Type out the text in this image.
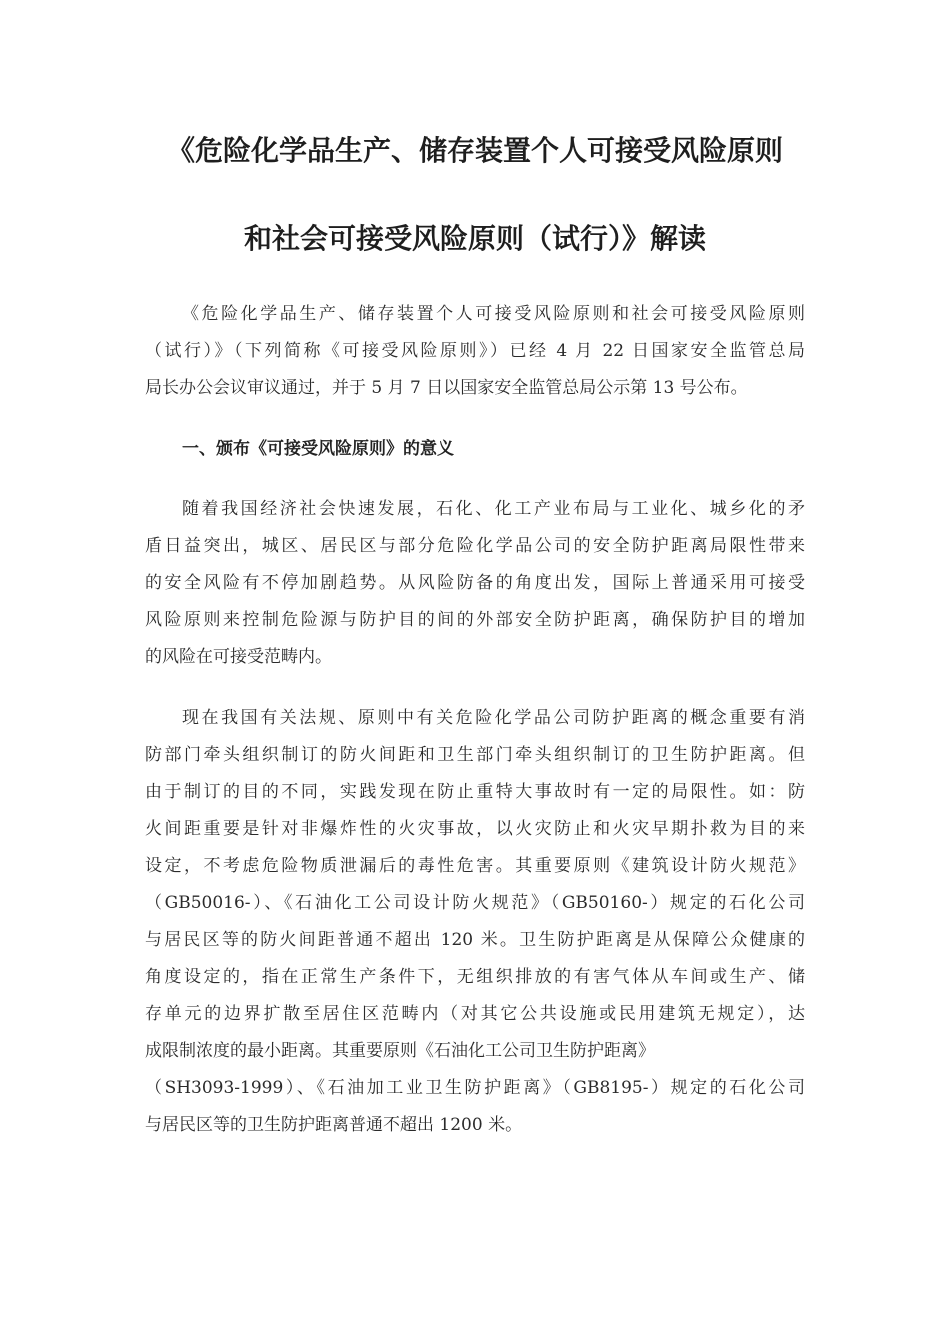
《危险化学品生产、储存装置个人可接受风险原则
和社会可接受风险原则（试行）》解读
《危险化学品生产、储存装置个人可接受风险原则和社会可接受风险原则
（试行）》（下列简称《可接受风险原则》）已经 4 月 22 日国家安全监管总局
局长办公会议审议通过，并于 5 月 7 日以国家安全监管总局公示第 13 号公布。
一、颁布《可接受风险原则》的意义
随着我国经济社会快速发展，石化、化工产业布局与工业化、城乡化的矛
盾日益突出，城区、居民区与部分危险化学品公司的安全防护距离局限性带来
的安全风险有不停加剧趋势。从风险防备的角度出发，国际上普通采用可接受
风险原则来控制危险源与防护目的间的外部安全防护距离，确保防护目的增加
的风险在可接受范畴内。
现在我国有关法规、原则中有关危险化学品公司防护距离的概念重要有消
防部门牵头组织制订的防火间距和卫生部门牵头组织制订的卫生防护距离。但
由于制订的目的不同，实践发现在防止重特大事故时有一定的局限性。如：防
火间距重要是针对非爆炸性的火灾事故，以火灾防止和火灾早期扑救为目的来
设定，不考虑危险物质泄漏后的毒性危害。其重要原则《建筑设计防火规范》
（GB50016-）、《石油化工公司设计防火规范》（GB50160-）规定的石化公司
与居民区等的防火间距普通不超出 120 米。卫生防护距离是从保障公众健康的
角度设定的，指在正常生产条件下，无组织排放的有害气体从车间或生产、储
存单元的边界扩散至居住区范畴内（对其它公共设施或民用建筑无规定），达
成限制浓度的最小距离。其重要原则《石油化工公司卫生防护距离》
（SH3093-1999）、《石油加工业卫生防护距离》（GB8195-）规定的石化公司
与居民区等的卫生防护距离普通不超出 1200 米。
